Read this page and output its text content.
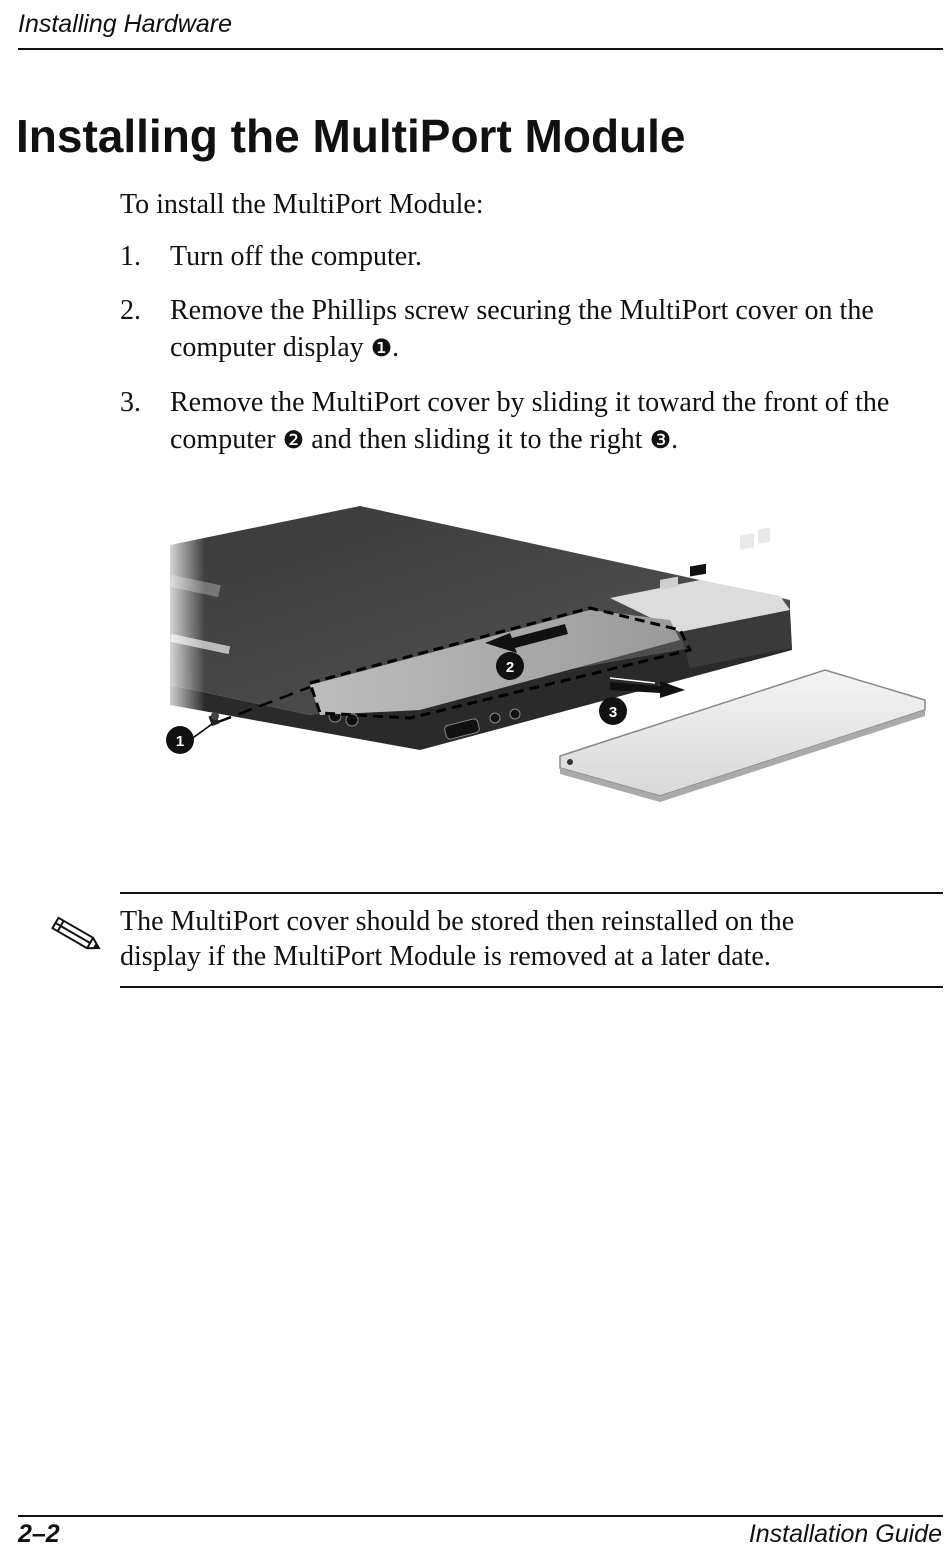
Installing Hardware
Installing the MultiPort Module
To install the MultiPort Module:
1.	Turn off the computer.
2.	Remove the Phillips screw securing the MultiPort cover on the computer display ❶.
3.	Remove the MultiPort cover by sliding it toward the front of the computer ❷ and then sliding it to the right ❸.
1
2
3
The MultiPort cover should be stored then reinstalled on the
display if the MultiPort Module is removed at a later date.
2–2	Installation Guide
